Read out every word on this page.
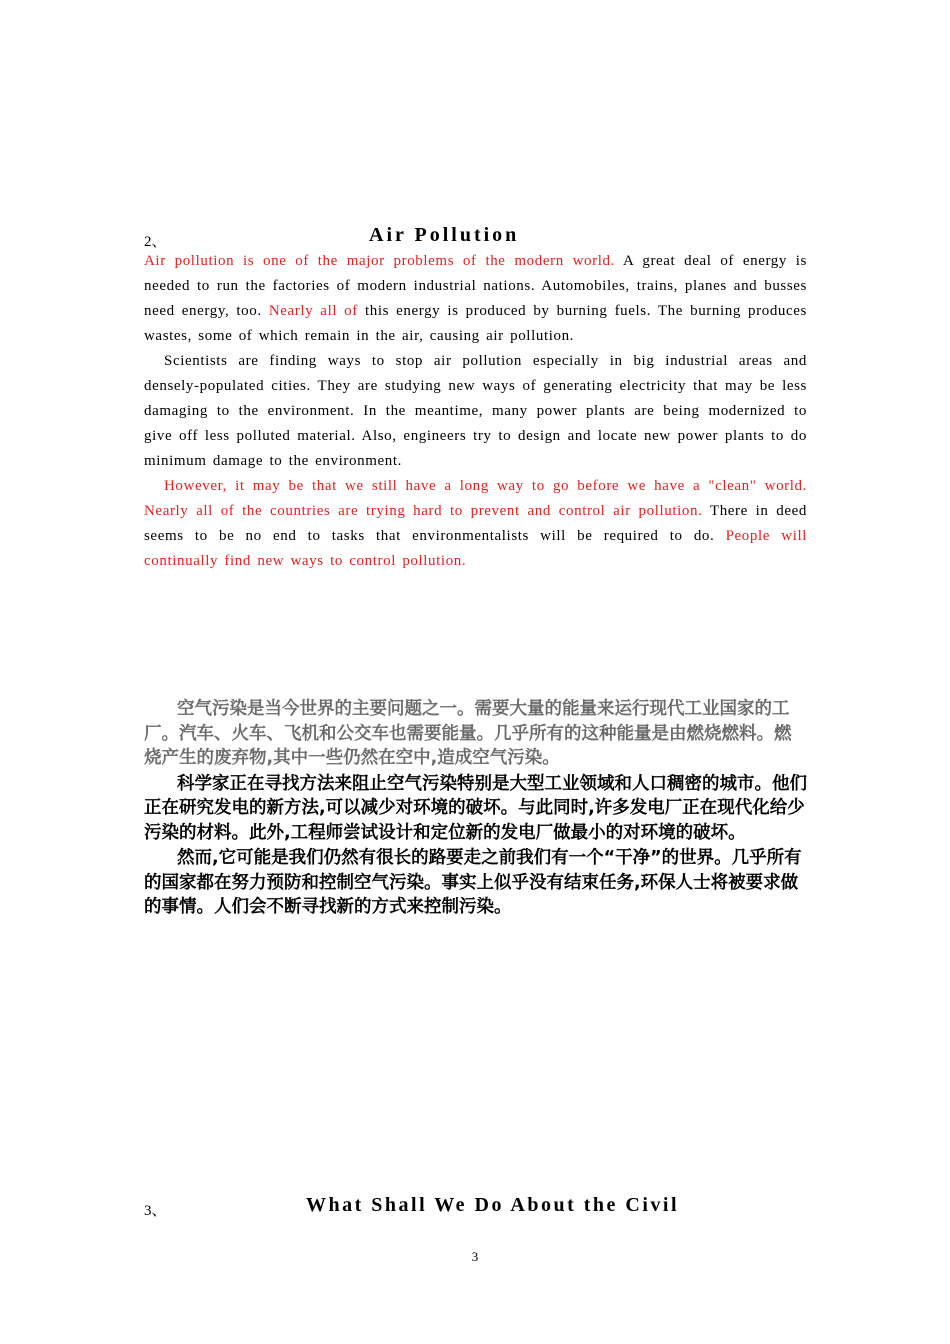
2、	Air Pollution

Air pollution is one of the major problems of the modern world. A great deal of energy is needed to run the factories of modern industrial nations. Automobiles, trains, planes and busses need energy, too. Nearly all of this energy is produced by burning fuels. The burning produces wastes, some of which remain in the air, causing air pollution.

Scientists are finding ways to stop air pollution especially in big industrial areas and densely-populated cities. They are studying new ways of generating electricity that may be less damaging to the environment. In the meantime, many power plants are being modernized to give off less polluted material. Also, engineers try to design and locate new power plants to do minimum damage to the environment.

However, it may be that we still have a long way to go before we have a "clean" world. Nearly all of the countries are trying hard to prevent and control air pollution. There in deed seems to be no end to tasks that environmentalists will be required to do. People will continually find new ways to control pollution.

空气污染是当今世界的主要问题之一。需要大量的能量来运行现代工业国家的工厂。汽车、火车、飞机和公交车也需要能量。几乎所有的这种能量是由燃烧燃料。燃烧产生的废弃物,其中一些仍然在空中,造成空气污染。

科学家正在寻找方法来阻止空气污染特别是大型工业领域和人口稠密的城市。他们正在研究发电的新方法,可以减少对环境的破坏。与此同时,许多发电厂正在现代化给少污染的材料。此外,工程师尝试设计和定位新的发电厂做最小的对环境的破坏。

然而,它可能是我们仍然有很长的路要走之前我们有一个“干净”的世界。几乎所有的国家都在努力预防和控制空气污染。事实上似乎没有结束任务,环保人士将被要求做的事情。人们会不断寻找新的方式来控制污染。

3、	What Shall We Do About the Civil
3
